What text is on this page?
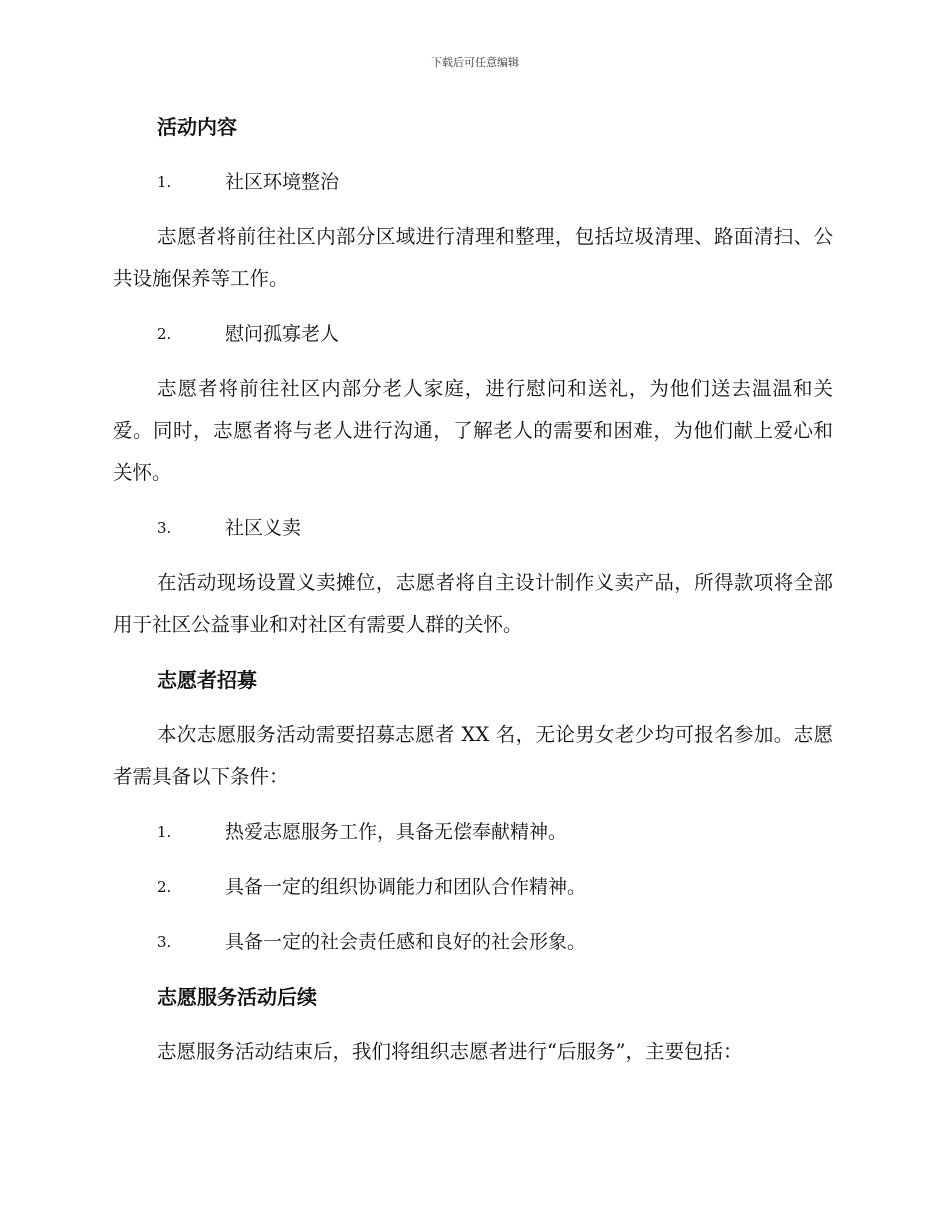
下载后可任意编辑
活动内容
1.	社区环境整治
志愿者将前往社区内部分区域进行清理和整理，包括垃圾清理、路面清扫、公共设施保养等工作。
2.	慰问孤寡老人
志愿者将前往社区内部分老人家庭，进行慰问和送礼，为他们送去温温和关爱。同时，志愿者将与老人进行沟通，了解老人的需要和困难，为他们献上爱心和关怀。
3.	社区义卖
在活动现场设置义卖摊位，志愿者将自主设计制作义卖产品，所得款项将全部用于社区公益事业和对社区有需要人群的关怀。
志愿者招募
本次志愿服务活动需要招募志愿者 XX 名，无论男女老少均可报名参加。志愿者需具备以下条件：
1.	热爱志愿服务工作，具备无偿奉献精神。
2.	具备一定的组织协调能力和团队合作精神。
3.	具备一定的社会责任感和良好的社会形象。
志愿服务活动后续
志愿服务活动结束后，我们将组织志愿者进行“后服务”，主要包括：
